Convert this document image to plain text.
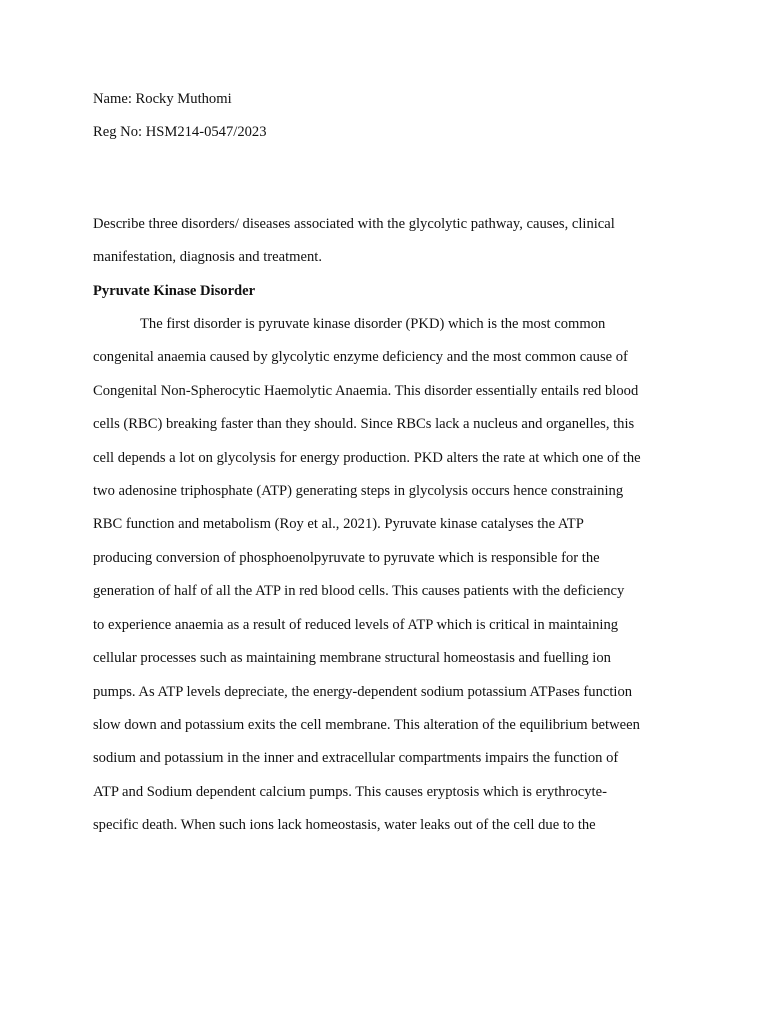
Name: Rocky Muthomi
Reg No: HSM214-0547/2023
Describe three disorders/ diseases associated with the glycolytic pathway, causes, clinical
manifestation, diagnosis and treatment.
Pyruvate Kinase Disorder
The first disorder is pyruvate kinase disorder (PKD) which is the most common
congenital anaemia caused by glycolytic enzyme deficiency and the most common cause of
Congenital Non-Spherocytic Haemolytic Anaemia. This disorder essentially entails red blood
cells (RBC) breaking faster than they should. Since RBCs lack a nucleus and organelles, this
cell depends a lot on glycolysis for energy production. PKD alters the rate at which one of the
two adenosine triphosphate (ATP) generating steps in glycolysis occurs hence constraining
RBC function and metabolism (Roy et al., 2021). Pyruvate kinase catalyses the ATP
producing conversion of phosphoenolpyruvate to pyruvate which is responsible for the
generation of half of all the ATP in red blood cells. This causes patients with the deficiency
to experience anaemia as a result of reduced levels of ATP which is critical in maintaining
cellular processes such as maintaining membrane structural homeostasis and fuelling ion
pumps. As ATP levels depreciate, the energy-dependent sodium potassium ATPases function
slow down and potassium exits the cell membrane. This alteration of the equilibrium between
sodium and potassium in the inner and extracellular compartments impairs the function of
ATP and Sodium dependent calcium pumps. This causes eryptosis which is erythrocyte-
specific death. When such ions lack homeostasis, water leaks out of the cell due to the
